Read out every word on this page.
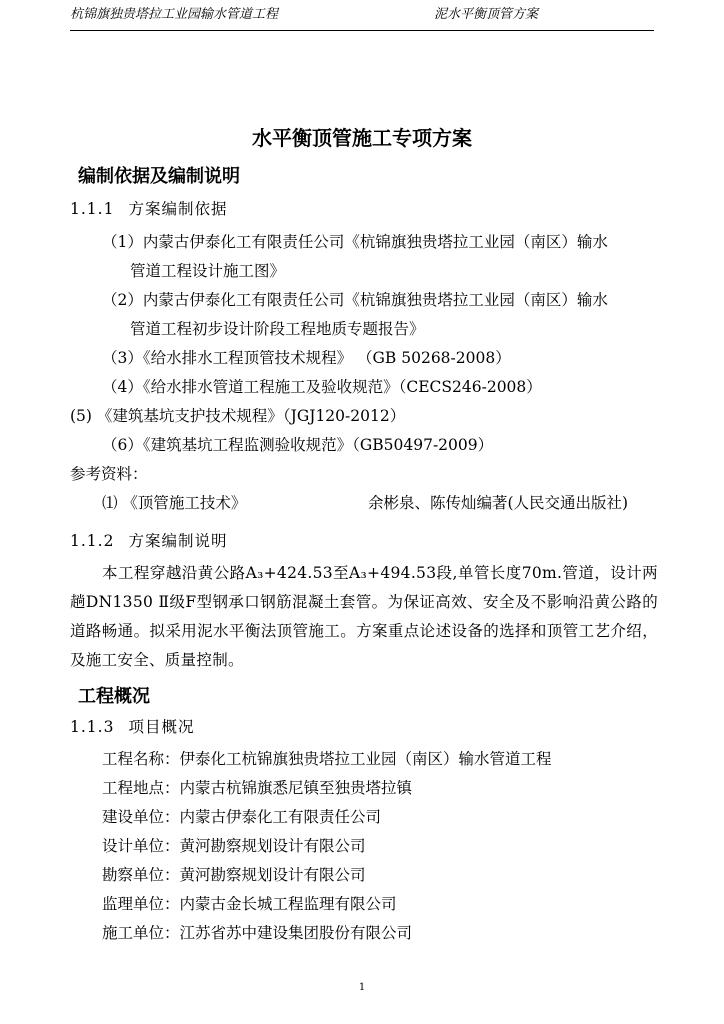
杭锦旗独贵塔拉工业园输水管道工程	泥水平衡顶管方案
水平衡顶管施工专项方案
编制依据及编制说明
1.1.1 方案编制依据
（1）内蒙古伊泰化工有限责任公司《杭锦旗独贵塔拉工业园（南区）输水
管道工程设计施工图》
（2）内蒙古伊泰化工有限责任公司《杭锦旗独贵塔拉工业园（南区）输水
管道工程初步设计阶段工程地质专题报告》
（3）《给水排水工程顶管技术规程》 （GB 50268-2008）
（4）《给水排水管道工程施工及验收规范》（CECS246-2008）
(5) 《建筑基坑支护技术规程》（JGJ120-2012）
（6）《建筑基坑工程监测验收规范》（GB50497-2009）
参考资料：
⑴ 《顶管施工技术》	余彬泉、陈传灿编著(人民交通出版社)
1.1.2 方案编制说明
本工程穿越沿黄公路A₃+424.53至A₃+494.53段,单管长度70m.管道，设计两趟DN1350 Ⅱ级F型钢承口钢筋混凝土套管。为保证高效、安全及不影响沿黄公路的道路畅通。拟采用泥水平衡法顶管施工。方案重点论述设备的选择和顶管工艺介绍，及施工安全、质量控制。
工程概况
1.1.3 项目概况
工程名称：伊泰化工杭锦旗独贵塔拉工业园（南区）输水管道工程
工程地点：内蒙古杭锦旗悉尼镇至独贵塔拉镇
建设单位：内蒙古伊泰化工有限责任公司
设计单位：黄河勘察规划设计有限公司
勘察单位：黄河勘察规划设计有限公司
监理单位：内蒙古金长城工程监理有限公司
施工单位：江苏省苏中建设集团股份有限公司
1
